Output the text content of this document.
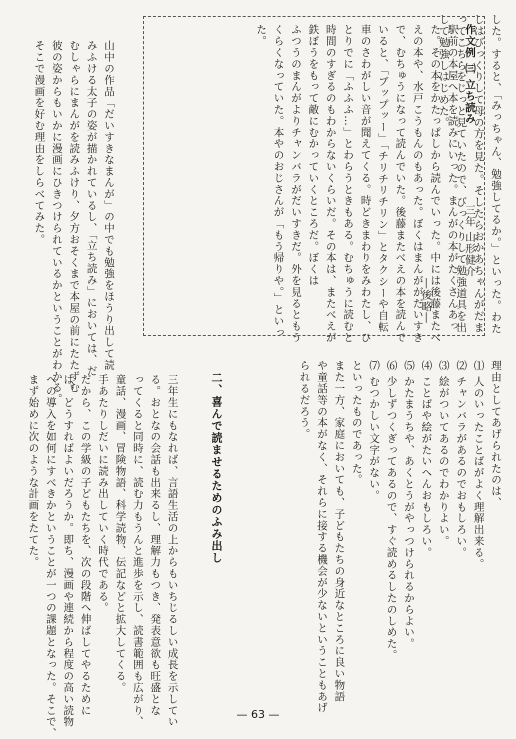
した。すると、「みっちゃん、勉強してるか。」といった。わた
しはびっくりして母の方を見た。そしたらおかあちゃんがだま
ってこちらをじっと見ていたので、びっくりして勉強道具を出
して勉強しはじめた。
―後略―
作文例 ㈢ 立ち読み三年 山形健介
駅前の本屋へ本を読みにいった。まんがの本がたくさんあっ
た。その本をかたっぱしから読んでいった。中には後藤またべ
えの本や、水戸こうもんのもあった。ぼくはまんががだいすき
で、むちゅうになって読んでいた。後藤またべえの本を読んで
いると、「ブップッー」「チリチリチリン」とタクシーや自転
車のさわがしい音が聞えてくる。時どきまわりをみわたし、ひ
とりでに「ふふふ…」とわらうときもある。むちゅうに読むと
時間のすぎるのもわからないくらいだ。その本は、またべえが
鉄ぼうをもって敵にむかっていくところだ。ぼくは
ふつうのまんがよりチャンバラがだいすきだ。外を見るともう
くらくなっていた。本やのおじさんが「もう帰りや。」といっ
た。
山中の作品「だいすきなまんが」の中でも勉強をほうり出して読
みふける太子の姿が描かれているし、「立ち読み」においては、だ
むしゃらにまんがを読みふけり、夕方おそくまで本屋の前にたたずむ
彼の姿からもいかに漫画にひきつけられているかということがわかる。
そこで漫画を好む理由をしらべてみた。
理由としてあげられたのは、
⑴ 人のいったことばがよく理解出来る。
⑵ チャンバラがあるのでおもしろい。
⑶ 絵がついてあるのでわかりよい。
⑷ ことばや絵がたいへんおもしろい。
⑸ かたまうちや、あくとうがやっつけられるからよい。
⑹ 少しずつくぎってあるので、すぐ読めるしたのしめた。
⑺ むつかしい文字がない。
といったものであった。
また一方、家庭においても、子どもたちの身近なところに良い物語
や童話等の本がなく、それらに接する機会が少ないということもあげ
られるだろう。
二、喜んで読ませるためのふみ出し
三年生にもなれば、言語生活の上からもいちじるしい成長を示してい
る。おとなの会話も出来るし、理解力もつき、発表意欲も旺盛とな
ってくると同時に、読む力もうんと進歩を示し、読書範囲も広がり、
童話、漫画、冒険物語、科学読物、伝記などと拡大してくる。
手あたりしだいに読み出していく時代である。
だから、この学級の子どもたちを、次の段階へ伸ばしてやるために
は、どうすればよいだろうか。即ち、漫画や連続から程度の高い読物
への導入を如何にすべきかということが一つの課題となった。そこで、
まず始めに次のような計画をたてた。
— 63 —
